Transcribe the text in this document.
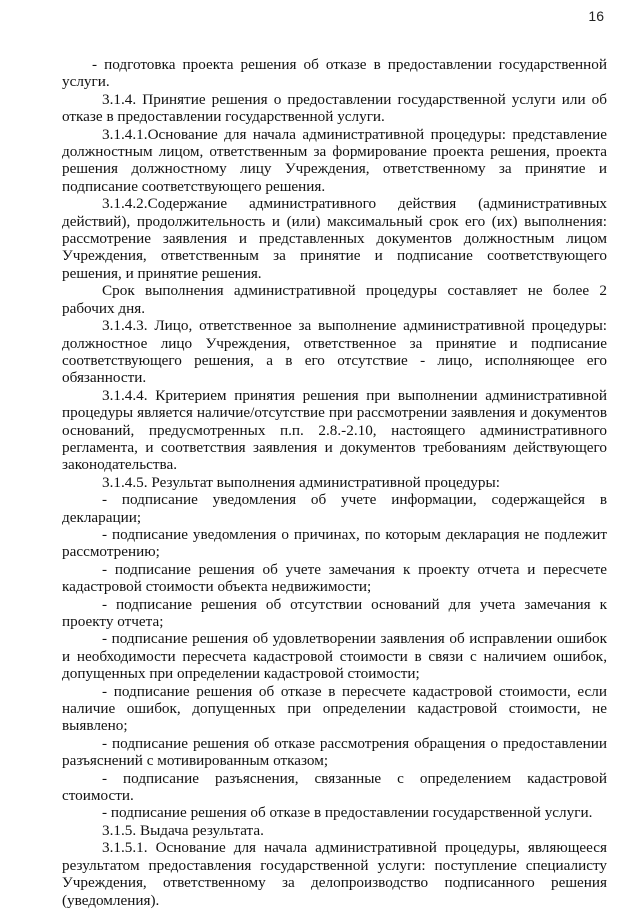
16

- подготовка проекта решения об отказе в предоставлении государственной услуги.

3.1.4. Принятие решения о предоставлении государственной услуги или об отказе в предоставлении государственной услуги.

3.1.4.1.Основание для начала административной процедуры: представление должностным лицом, ответственным за формирование проекта решения, проекта решения должностному лицу Учреждения, ответственному за принятие и подписание соответствующего решения.

3.1.4.2.Содержание административного действия (административных действий), продолжительность и (или) максимальный срок его (их) выполнения: рассмотрение заявления и представленных документов должностным лицом Учреждения, ответственным за принятие и подписание соответствующего решения, и принятие решения.

Срок выполнения административной процедуры составляет не более 2 рабочих дня.

3.1.4.3. Лицо, ответственное за выполнение административной процедуры: должностное лицо Учреждения, ответственное за принятие и подписание соответствующего решения, а в его отсутствие - лицо, исполняющее его обязанности.

3.1.4.4. Критерием принятия решения при выполнении административной процедуры является наличие/отсутствие при рассмотрении заявления и документов оснований, предусмотренных п.п. 2.8.-2.10, настоящего административного регламента, и соответствия заявления и документов требованиям действующего законодательства.

3.1.4.5. Результат выполнения административной процедуры:

- подписание уведомления об учете информации, содержащейся в декларации;

- подписание уведомления о причинах, по которым декларация не подлежит рассмотрению;

- подписание решения об учете замечания к проекту отчета и пересчете кадастровой стоимости объекта недвижимости;

- подписание решения об отсутствии оснований для учета замечания к проекту отчета;

- подписание решения об удовлетворении заявления об исправлении ошибок и необходимости пересчета кадастровой стоимости в связи с наличием ошибок, допущенных при определении кадастровой стоимости;

- подписание решения об отказе в пересчете кадастровой стоимости, если наличие ошибок, допущенных при определении кадастровой стоимости, не выявлено;

- подписание решения об отказе рассмотрения обращения о предоставлении разъяснений с мотивированным отказом;

- подписание разъяснения, связанные с определением кадастровой стоимости.

- подписание решения об отказе в предоставлении государственной услуги.

3.1.5. Выдача результата.

3.1.5.1. Основание для начала административной процедуры, являющееся результатом предоставления государственной услуги: поступление специалисту Учреждения, ответственному за делопроизводство подписанного решения (уведомления).
